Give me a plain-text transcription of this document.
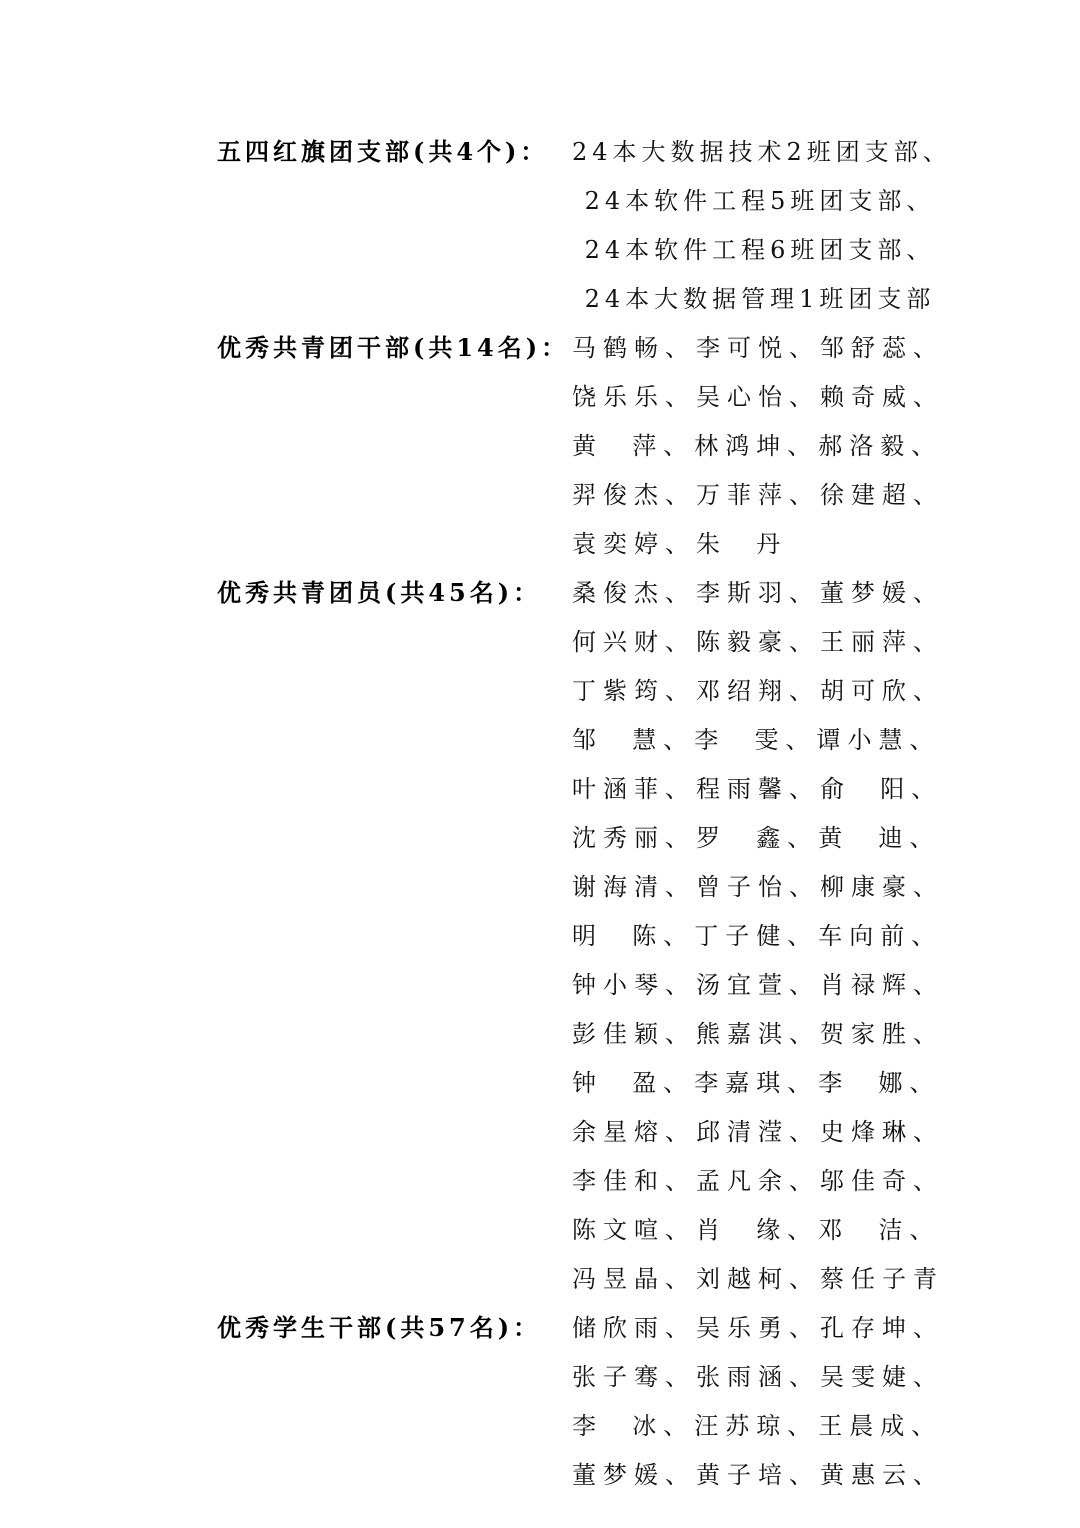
五四红旗团支部(共4个)： 24本大数据技术2班团支部、
24本软件工程5班团支部、
24本软件工程6班团支部、
24本大数据管理1班团支部
优秀共青团干部(共14名)： 马鹤畅、李可悦、邹舒蕊、
饶乐乐、吴心怡、赖奇威、
黄  萍、林鸿坤、郝洛毅、
羿俊杰、万菲萍、徐建超、
袁奕婷、朱  丹
优秀共青团员(共45名)： 桑俊杰、李斯羽、董梦媛、
何兴财、陈毅豪、王丽萍、
丁紫筠、邓绍翔、胡可欣、
邹  慧、李  雯、谭小慧、
叶涵菲、程雨馨、俞  阳、
沈秀丽、罗  鑫、黄  迪、
谢海清、曾子怡、柳康豪、
明  陈、丁子健、车向前、
钟小琴、汤宜萱、肖禄辉、
彭佳颖、熊嘉淇、贺家胜、
钟  盈、李嘉琪、李  娜、
余星熔、邱清滢、史烽琳、
李佳和、孟凡余、邬佳奇、
陈文喧、肖  缘、邓  洁、
冯昱晶、刘越柯、蔡任子青
优秀学生干部(共57名)： 储欣雨、吴乐勇、孔存坤、
张子骞、张雨涵、吴雯婕、
李  冰、汪苏琼、王晨成、
董梦媛、黄子培、黄惠云、
